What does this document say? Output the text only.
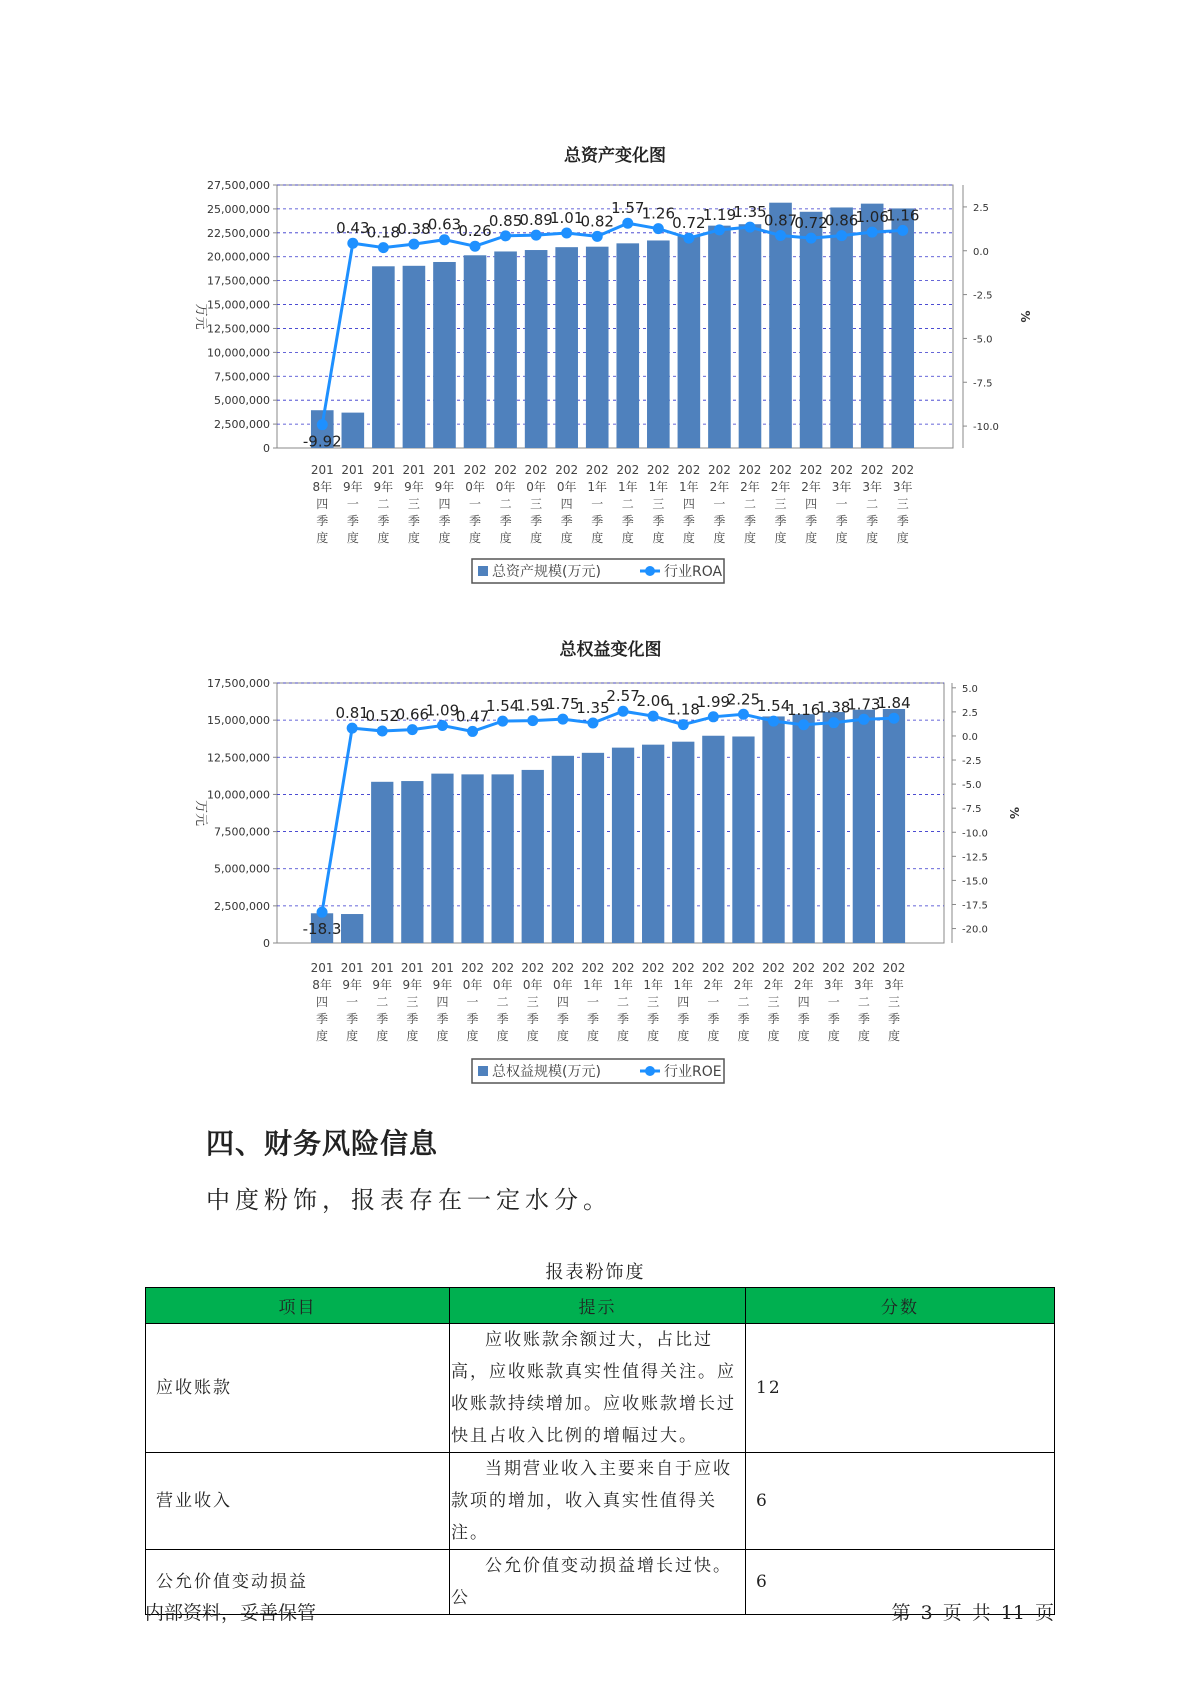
总资产变化图
0
2,500,000
5,000,000
7,500,000
10,000,000
12,500,000
15,000,000
17,500,000
20,000,000
22,500,000
25,000,000
27,500,000
-10.0
-7.5
-5.0
-2.5
0.0
2.5
万元	%
201 8年四季度
201 9年一季度
201 9年二季度
201 9年三季度
201 9年四季度
202 0年一季度
202 0年二季度
202 0年三季度
202 0年四季度
202 1年一季度
202 1年二季度
202 1年三季度
202 1年四季度
202 2年一季度
202 2年二季度
202 2年三季度
202 2年四季度
202 3年一季度
202 3年二季度
202 3年三季度
-9.92
0.43
0.18
0.38
0.63
0.26
0.85
0.89
1.01
0.82
1.57
1.26
0.72
1.19
1.35
0.87
0.72
0.86
1.06
1.16
总资产规模(万元)	行业ROA
总权益变化图
0
2,500,000
5,000,000
7,500,000
10,000,000
12,500,000
15,000,000
17,500,000
-20.0
-17.5
-15.0
-12.5
-10.0
-7.5
-5.0
-2.5
0.0
2.5
5.0
万元	%
201 8年四季度
201 9年一季度
201 9年二季度
201 9年三季度
201 9年四季度
202 0年一季度
202 0年二季度
202 0年三季度
202 0年四季度
202 1年一季度
202 1年二季度
202 1年三季度
202 1年四季度
202 2年一季度
202 2年二季度
202 2年三季度
202 2年四季度
202 3年一季度
202 3年二季度
202 3年三季度
-18.3
0.81
0.52
0.66
1.09
0.47
1.54
1.59
1.75
1.35
2.57
2.06
1.18
1.99
2.25
1.54
1.16
1.38
1.73
1.84
总权益规模(万元)	行业ROE
四、财务风险信息

中度粉饰，报表存在一定水分。

报表粉饰度
项目	提示	分数
应收账款	应收账款余额过大，占比过高，应收账款真实性值得关注。应收账款持续增加。应收账款增长过快且占收入比例的增幅过大。	12
营业收入	当期营业收入主要来自于应收款项的增加，收入真实性值得关注。	6
公允价值变动损益	公允价值变动损益增长过快。公	6
内部资料，妥善保管	第 3 页 共 11 页
